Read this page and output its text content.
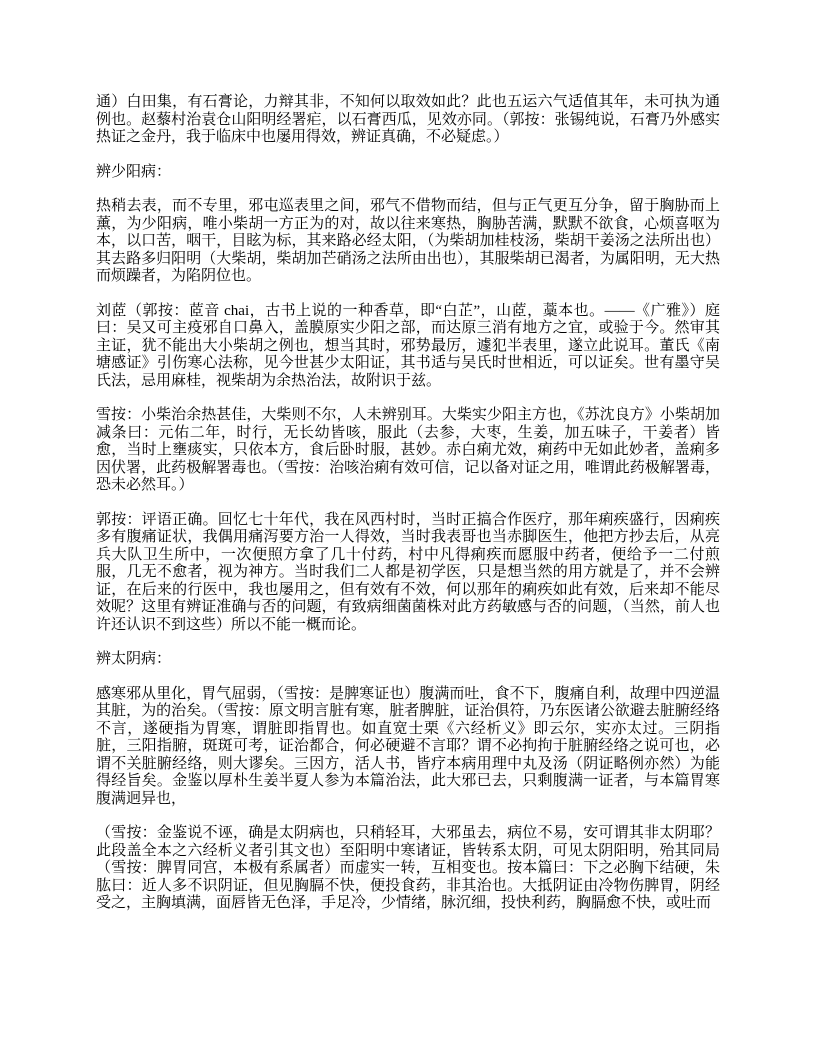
通）白田集，有石膏论，力辩其非，不知何以取效如此？此也五运六气适值其年，未可执为通例也。赵藜村治袁仓山阳明经署疟，以石膏西瓜，见效亦同。（郭按：张锡纯说，石膏乃外感实热证之金丹，我于临床中也屡用得效，辨证真确，不必疑虑。）

辨少阳病：

热稍去表，而不专里，邪屯巡表里之间，邪气不借物而结，但与正气更互分争，留于胸胁而上薰，为少阳病，唯小柴胡一方正为的对，故以往来寒热，胸胁苦满，默默不欲食，心烦喜呕为本，以口苦，咽干，目眩为标，其来路必经太阳，（为柴胡加桂枝汤，柴胡干姜汤之法所出也）其去路多归阳明（大柴胡，柴胡加芒硝汤之法所由出也），其服柴胡已渴者，为属阳明，无大热而烦躁者，为陷阴位也。

刘茝（郭按：茝音 chai，古书上说的一种香草，即“白芷”，山茝，藁本也。——《广雅》）庭曰：吴又可主疫邪自口鼻入，盖膜原实少阳之部，而达原三消有地方之宜，或验于今。然审其主证，犹不能出大小柴胡之例也，想当其时，邪势最厉，遽犯半表里，遂立此说耳。董氏《南塘感证》引伤寒心法称，见今世甚少太阳证，其书适与吴氏时世相近，可以证矣。世有墨守吴氏法，忌用麻桂，视柴胡为余热治法，故附识于兹。

雪按：小柴治余热甚佳，大柴则不尔，人未辨别耳。大柴实少阳主方也，《苏沈良方》小柴胡加减条曰：元佑二年，时行，无长幼皆咳，服此（去参，大枣，生姜，加五味子，干姜者）皆愈，当时上壅痰实，只依本方，食后卧时服，甚妙。赤白痢尤效，痢药中无如此妙者，盖痢多因伏署，此药极解署毒也。（雪按：治咳治痢有效可信，记以备对证之用，唯谓此药极解署毒，恐未必然耳。）

郭按：评语正确。回忆七十年代，我在风西村时，当时正搞合作医疗，那年痢疾盛行，因痢疾多有腹痛证状，我偶用痛泻要方治一人得效，当时我表哥也当赤脚医生，他把方抄去后，从亮兵大队卫生所中，一次便照方拿了几十付药，村中凡得痢疾而愿服中药者，便给予一二付煎服，几无不愈者，视为神方。当时我们二人都是初学医，只是想当然的用方就是了，并不会辨证，在后来的行医中，我也屡用之，但有效有不效，何以那年的痢疾如此有效，后来却不能尽效呢？这里有辨证准确与否的问题，有致病细菌菌株对此方药敏感与否的问题，（当然，前人也许还认识不到这些）所以不能一概而论。

辨太阴病：

感寒邪从里化，胃气屈弱，（雪按：是脾寒证也）腹满而吐，食不下，腹痛自利，故理中四逆温其脏，为的治矣。（雪按：原文明言脏有寒，脏者脾脏，证治俱符，乃东医诸公欲避去脏腑经络不言，遂硬指为胃寒，谓脏即指胃也。如直宽士栗《六经析义》即云尔，实亦太过。三阴指脏，三阳指腑，斑斑可考，证治都合，何必硬避不言耶？谓不必拘拘于脏腑经络之说可也，必谓不关脏腑经络，则大谬矣。三因方，活人书，皆疗本病用理中丸及汤（阴证略例亦然）为能得经旨矣。金鉴以厚朴生姜半夏人参为本篇治法，此大邪已去，只剩腹满一证者，与本篇胃寒腹满迥异也，

（雪按：金鉴说不诬，确是太阴病也，只稍轻耳，大邪虽去，病位不易，安可谓其非太阴耶？此段盖全本之六经析义者引其文也）至阳明中寒诸证，皆转系太阴，可见太阴阳明，殆其同局（雪按：脾胃同宫，本极有系属者）而虚实一转，互相变也。按本篇曰：下之必胸下结硬，朱肱曰：近人多不识阴证，但见胸膈不快，便投食药，非其治也。大抵阴证由冷物伤脾胃，阴经受之，主胸填满，面唇皆无色泽，手足冷，少情绪，脉沉细，投快利药，胸膈愈不快，或吐而
